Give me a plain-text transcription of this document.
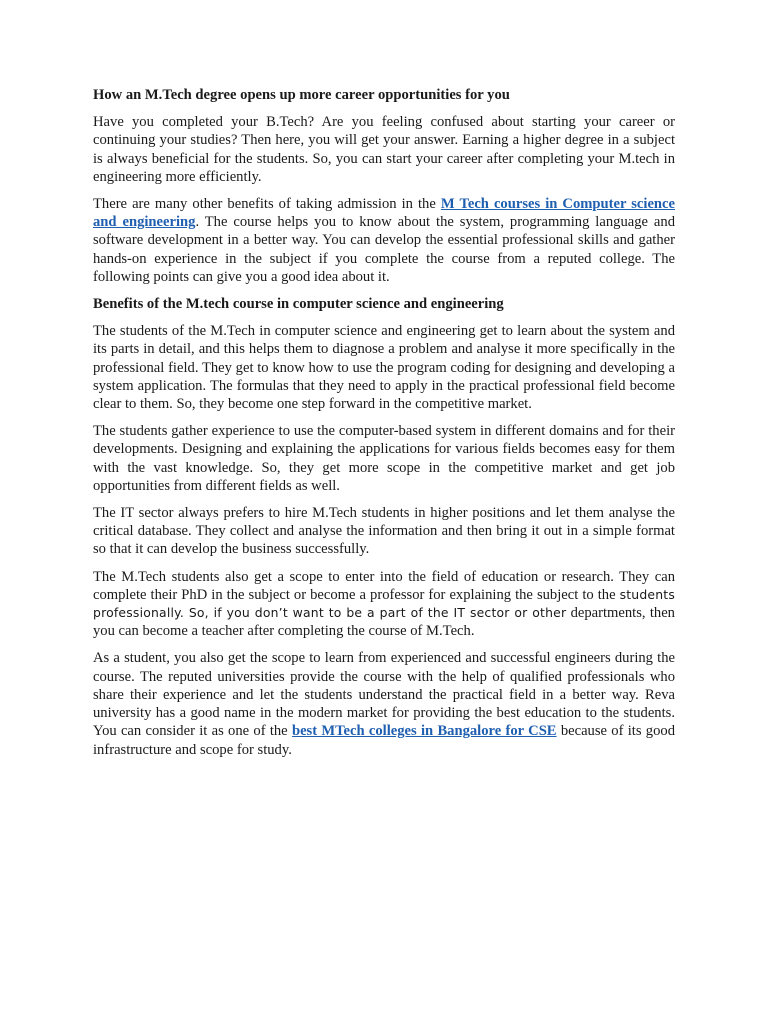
How an M.Tech degree opens up more career opportunities for you

Have you completed your B.Tech? Are you feeling confused about starting your career or continuing your studies? Then here, you will get your answer. Earning a higher degree in a subject is always beneficial for the students. So, you can start your career after completing your M.tech in engineering more efficiently.

There are many other benefits of taking admission in the M Tech courses in Computer science and engineering. The course helps you to know about the system, programming language and software development in a better way. You can develop the essential professional skills and gather hands-on experience in the subject if you complete the course from a reputed college. The following points can give you a good idea about it.

Benefits of the M.tech course in computer science and engineering

The students of the M.Tech in computer science and engineering get to learn about the system and its parts in detail, and this helps them to diagnose a problem and analyse it more specifically in the professional field. They get to know how to use the program coding for designing and developing a system application. The formulas that they need to apply in the practical professional field become clear to them. So, they become one step forward in the competitive market.

The students gather experience to use the computer-based system in different domains and for their developments. Designing and explaining the applications for various fields becomes easy for them with the vast knowledge. So, they get more scope in the competitive market and get job opportunities from different fields as well.

The IT sector always prefers to hire M.Tech students in higher positions and let them analyse the critical database. They collect and analyse the information and then bring it out in a simple format so that it can develop the business successfully.

The M.Tech students also get a scope to enter into the field of education or research. They can complete their PhD in the subject or become a professor for explaining the subject to the students professionally. So, if you don’t want to be a part of the IT sector or other departments, then you can become a teacher after completing the course of M.Tech.

As a student, you also get the scope to learn from experienced and successful engineers during the course. The reputed universities provide the course with the help of qualified professionals who share their experience and let the students understand the practical field in a better way. Reva university has a good name in the modern market for providing the best education to the students. You can consider it as one of the best MTech colleges in Bangalore for CSE because of its good infrastructure and scope for study.
